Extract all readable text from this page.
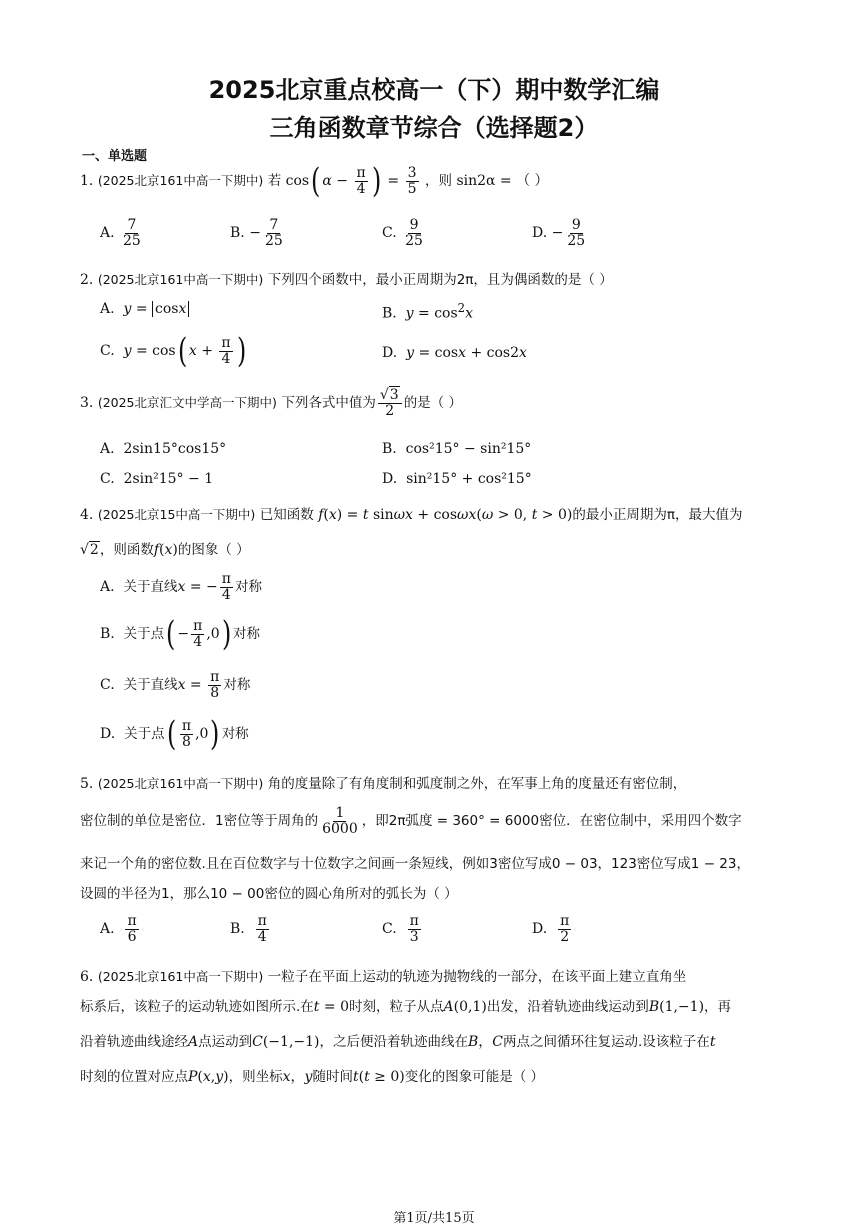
2025北京重点校高一（下）期中数学汇编
三角函数章节综合（选择题2）
一、单选题
1. (2025北京161中高一下期中) 若 cos( $\alpha - \frac{\pi}{4}$ ) = $\frac{3}{5}$ ，则 sin2α = （ ）
A. $\frac{7}{25}$	B. − $\frac{7}{25}$	C. $\frac{9}{25}$	D. − $\frac{9}{25}$
2. (2025北京161中高一下期中) 下列四个函数中，最小正周期为2π，且为偶函数的是（ ）
A. y = cosx	B. $y = \cos^2x$
C. y = cos( $x + \frac{\pi}{4}$ )	D. y = cosx + cos2x
3. (2025北京汇文中学高一下期中) 下列各式中值为 $\frac{√3}{2}$ 的是（ ）
A. 2sin15°cos15°	B. cos²15° − sin²15°
C. 2sin²15° − 1	D. sin²15° + cos²15°
4. (2025北京15中高一下期中) 已知函数 f(x) = t sinωx + cosωx(ω > 0, t > 0)的最小正周期为π，最大值为
√2，则函数f(x)的图象（ ）
A. 关于直线x = − $\frac{\pi}{4}$ 对称
B. 关于点( − $\frac{\pi}{4} ,0$) 对称
C. 关于直线$x = \frac{\pi}{8}$ 对称
D. 关于点( $\frac{\pi}{8} ,0$) 对称
5. (2025北京161中高一下期中) 角的度量除了有角度制和弧度制之外，在军事上角的度量还有密位制，
密位制的单位是密位．1密位等于周角的 $\frac{1}{6000}$ ，即2π弧度 = 360° = 6000密位．在密位制中，采用四个数字
来记一个角的密位数.且在百位数字与十位数字之间画一条短线，例如3密位写成0 − 03，123密位写成1 − 23，
设圆的半径为1，那么10 − 00密位的圆心角所对的弧长为（ ）
A. $\frac{\pi}{6}$	B. $\frac{\pi}{4}$	C. $\frac{\pi}{3}$	D. $\frac{\pi}{2}$
6. (2025北京161中高一下期中) 一粒子在平面上运动的轨迹为抛物线的一部分，在该平面上建立直角坐
标系后，该粒子的运动轨迹如图所示.在t = 0时刻，粒子从点A(0,1)出发，沿着轨迹曲线运动到B(1,−1)，再
沿着轨迹曲线途经A点运动到C(−1,−1)，之后便沿着轨迹曲线在B，C两点之间循环往复运动.设该粒子在t
时刻的位置对应点P(x,y)，则坐标x，y随时间t(t ≥ 0)变化的图象可能是（ ）
第1页/共15页
